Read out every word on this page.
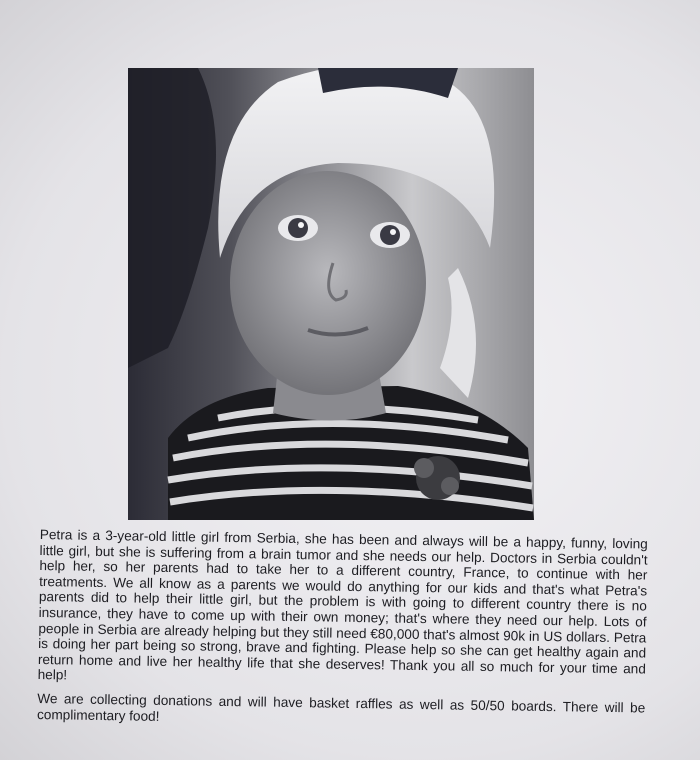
Petra is a 3-year-old little girl from Serbia, she has been and always will be a happy, funny, loving little girl, but she is suffering from a brain tumor and she needs our help. Doctors in Serbia couldn't help her, so her parents had to take her to a different country, France, to continue with her treatments. We all know as a parents we would do anything for our kids and that's what Petra's parents did to help their little girl, but the problem is with going to different country there is no insurance, they have to come up with their own money; that's where they need our help. Lots of people in Serbia are already helping but they still need €80,000 that's almost 90k in US dollars. Petra is doing her part being so strong, brave and fighting. Please help so she can get healthy again and return home and live her healthy life that she deserves! Thank you all so much for your time and help!

We are collecting donations and will have basket raffles as well as 50/50 boards. There will be complimentary food!
